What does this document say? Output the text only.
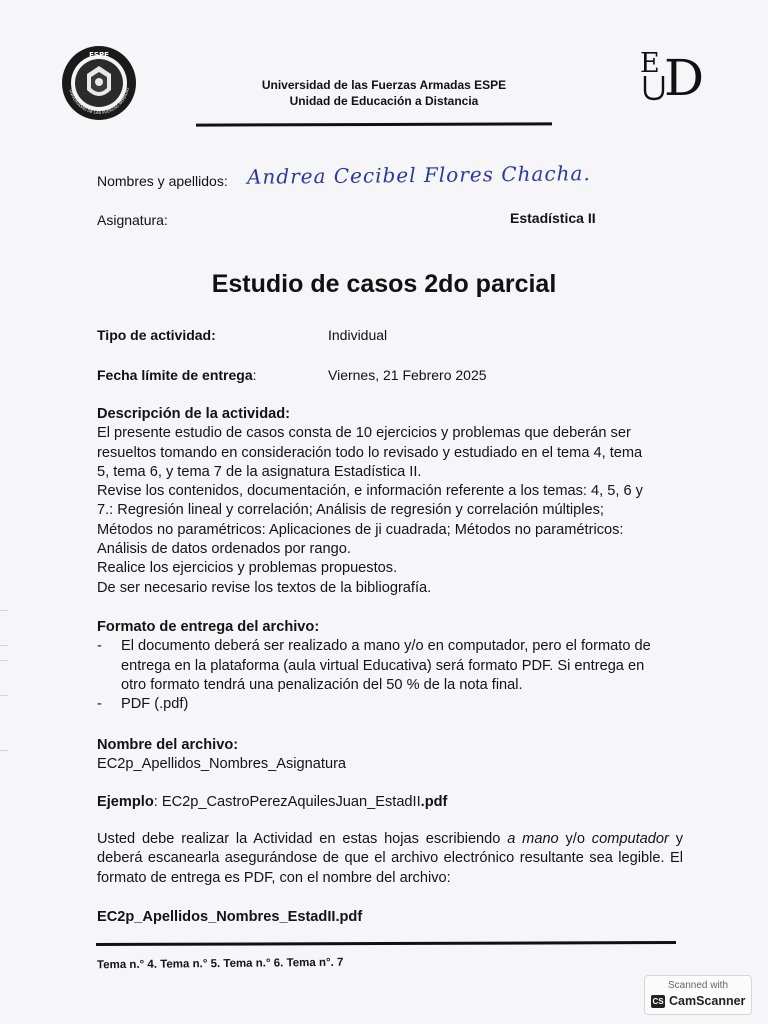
ESPE
UNIVERSIDAD DE LAS FUERZAS ARMADAS
E D
Universidad de las Fuerzas Armadas ESPE
Unidad de Educación a Distancia
Nombres y apellidos: Andrea Cecibel Flores Chacha.
Asignatura:	Estadística II
Estudio de casos 2do parcial
Tipo de actividad:	Individual
Fecha límite de entrega:	Viernes, 21 Febrero 2025
Descripción de la actividad:
El presente estudio de casos consta de 10 ejercicios y problemas que deberán ser
resueltos tomando en consideración todo lo revisado y estudiado en el tema 4, tema
5, tema 6, y tema 7 de la asignatura Estadística II.
Revise los contenidos, documentación, e información referente a los temas: 4, 5, 6 y
7.: Regresión lineal y correlación; Análisis de regresión y correlación múltiples;
Métodos no paramétricos: Aplicaciones de ji cuadrada; Métodos no paramétricos:
Análisis de datos ordenados por rango.
Realice los ejercicios y problemas propuestos.
De ser necesario revise los textos de la bibliografía.
Formato de entrega del archivo:
- El documento deberá ser realizado a mano y/o en computador, pero el formato de
entrega en la plataforma (aula virtual Educativa) será formato PDF. Si entrega en
otro formato tendrá una penalización del 50 % de la nota final.
- PDF (.pdf)
Nombre del archivo:
EC2p_Apellidos_Nombres_Asignatura
Ejemplo: EC2p_CastroPerezAquilesJuan_EstadII.pdf
Usted debe realizar la Actividad en estas hojas escribiendo a mano y/o computador y deberá escanearla asegurándose de que el archivo electrónico resultante sea legible. El formato de entrega es PDF, con el nombre del archivo:
EC2p_Apellidos_Nombres_EstadII.pdf
Tema n.° 4. Tema n.° 5. Tema n.° 6. Tema n°. 7
Scanned with
CS CamScanner
